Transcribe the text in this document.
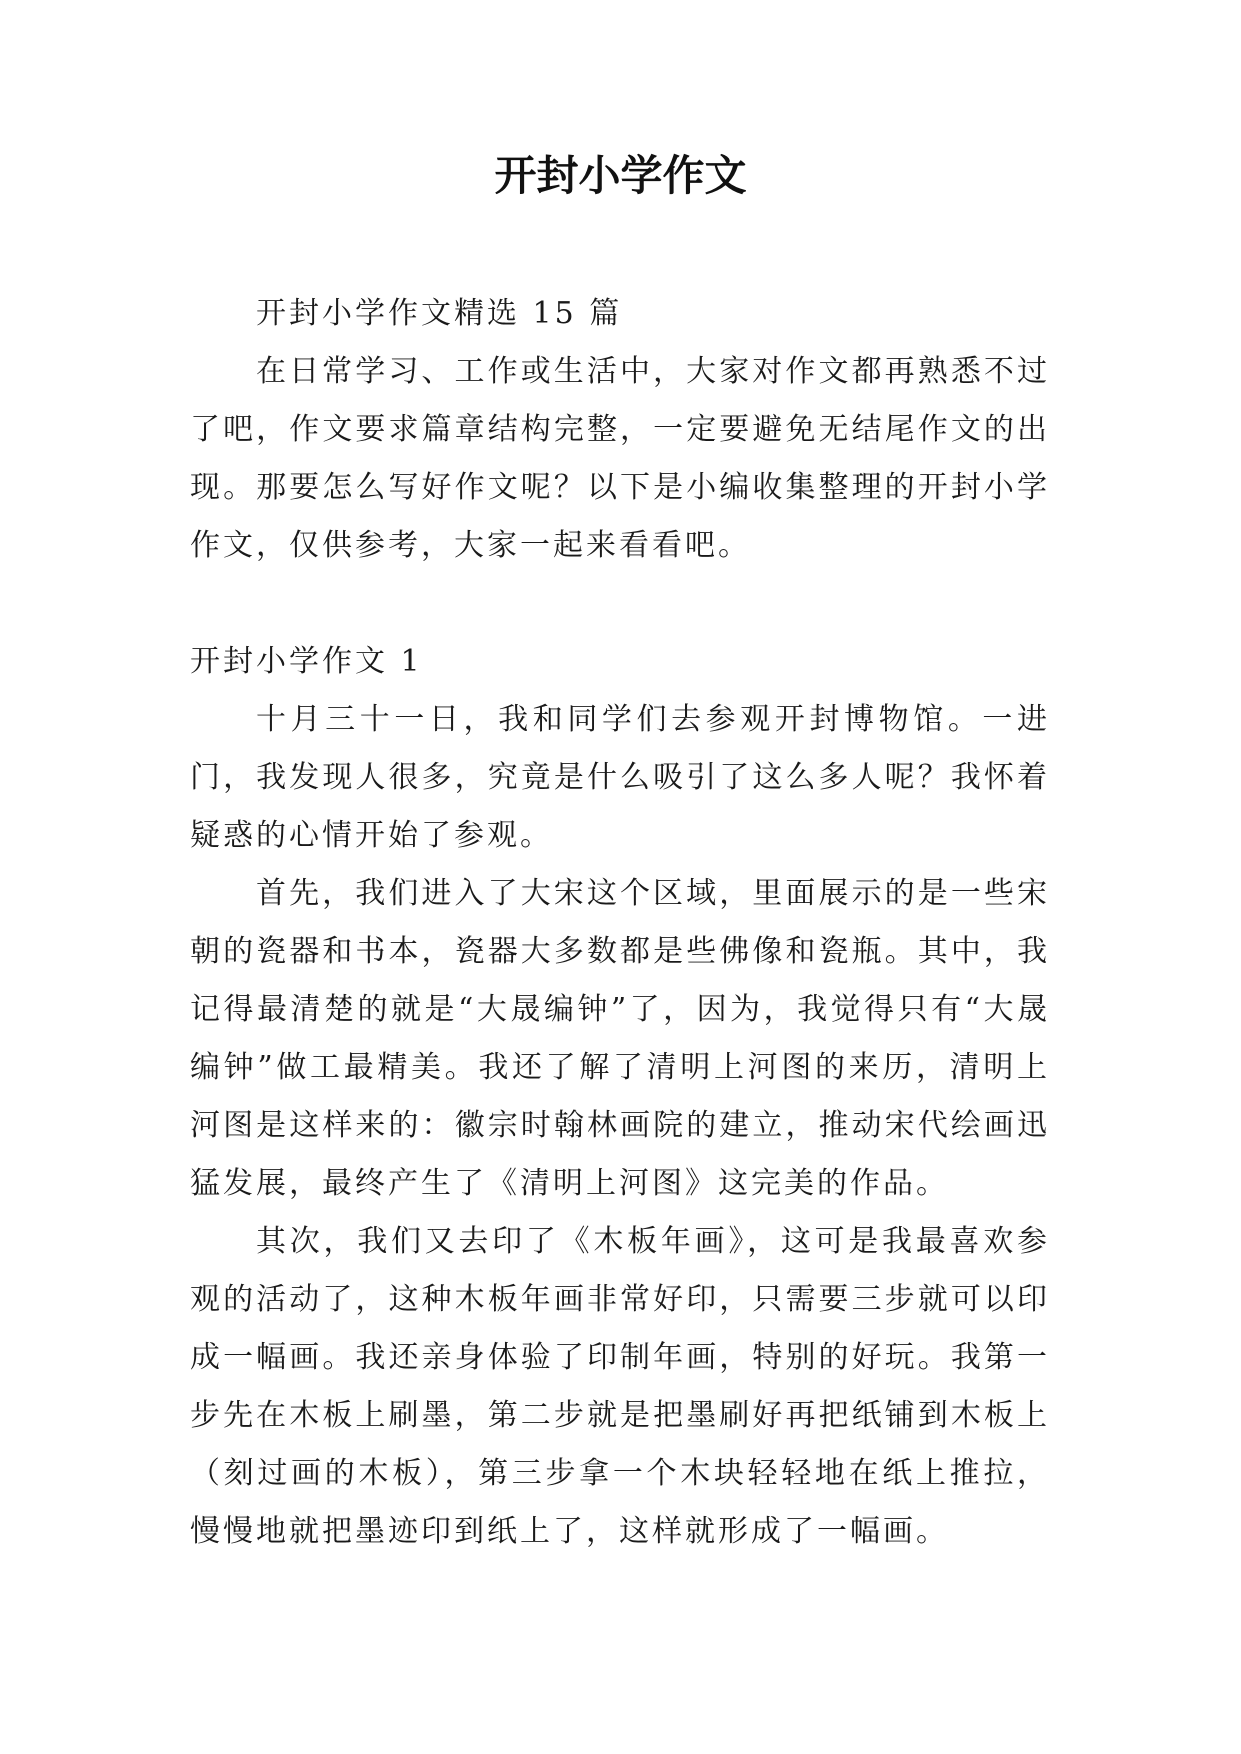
开封小学作文

开封小学作文精选 15 篇

在日常学习、工作或生活中，大家对作文都再熟悉不过了吧，作文要求篇章结构完整，一定要避免无结尾作文的出现。那要怎么写好作文呢？以下是小编收集整理的开封小学作文，仅供参考，大家一起来看看吧。

开封小学作文 1

十月三十一日，我和同学们去参观开封博物馆。一进门，我发现人很多，究竟是什么吸引了这么多人呢？我怀着疑惑的心情开始了参观。

首先，我们进入了大宋这个区域，里面展示的是一些宋朝的瓷器和书本，瓷器大多数都是些佛像和瓷瓶。其中，我记得最清楚的就是“大晟编钟”了，因为，我觉得只有“大晟编钟”做工最精美。我还了解了清明上河图的来历，清明上河图是这样来的：徽宗时翰林画院的建立，推动宋代绘画迅猛发展，最终产生了《清明上河图》这完美的作品。

其次，我们又去印了《木板年画》，这可是我最喜欢参观的活动了，这种木板年画非常好印，只需要三步就可以印成一幅画。我还亲身体验了印制年画，特别的好玩。我第一步先在木板上刷墨，第二步就是把墨刷好再把纸铺到木板上（刻过画的木板），第三步拿一个木块轻轻地在纸上推拉，慢慢地就把墨迹印到纸上了，这样就形成了一幅画。
